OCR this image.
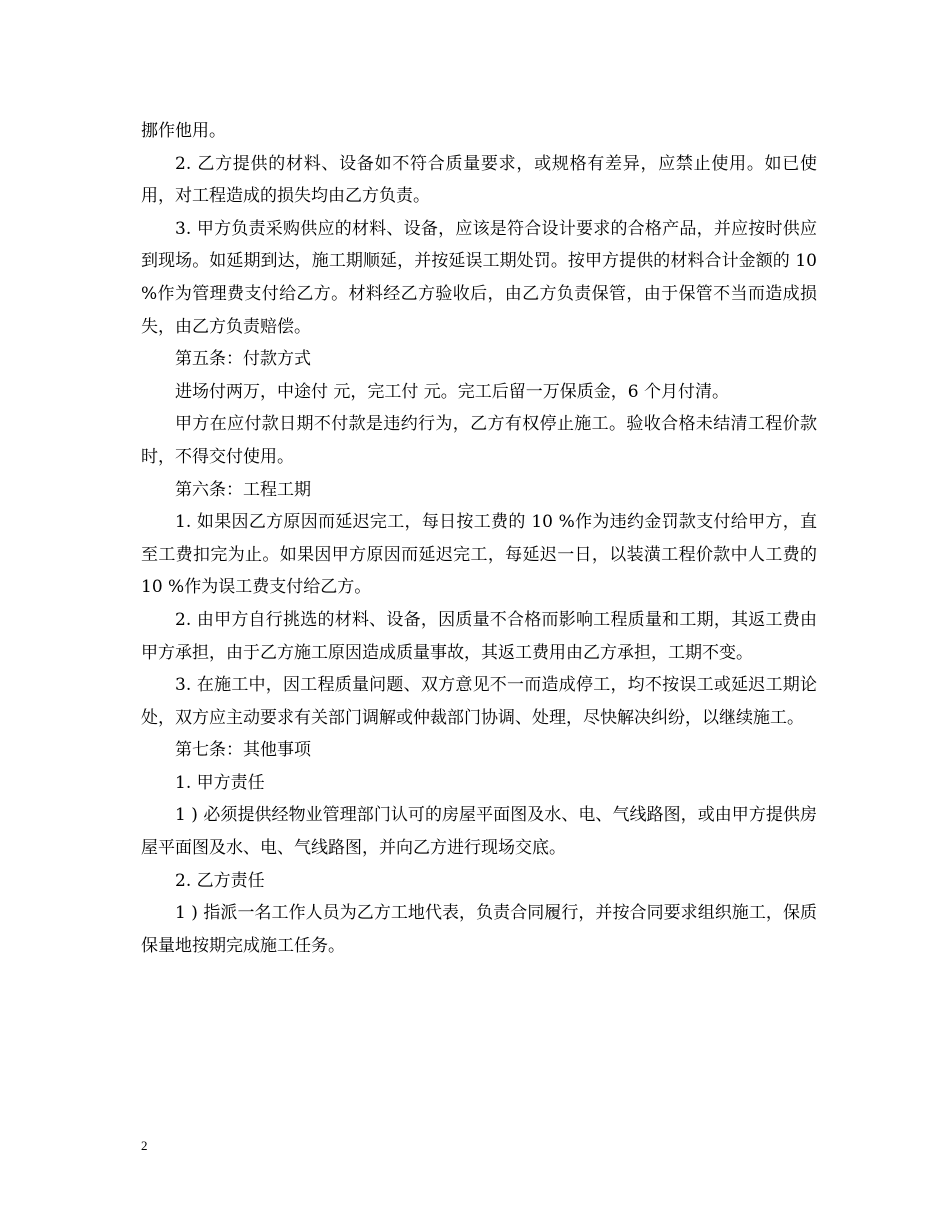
挪作他用。

2. 乙方提供的材料、设备如不符合质量要求，或规格有差异，应禁止使用。如已使用，对工程造成的损失均由乙方负责。

3. 甲方负责采购供应的材料、设备，应该是符合设计要求的合格产品，并应按时供应到现场。如延期到达，施工期顺延，并按延误工期处罚。按甲方提供的材料合计金额的 10 %作为管理费支付给乙方。材料经乙方验收后，由乙方负责保管，由于保管不当而造成损失，由乙方负责赔偿。

第五条：付款方式

进场付两万，中途付 元，完工付 元。完工后留一万保质金，6 个月付清。

甲方在应付款日期不付款是违约行为，乙方有权停止施工。验收合格未结清工程价款时，不得交付使用。

第六条：工程工期

1. 如果因乙方原因而延迟完工，每日按工费的 10 %作为违约金罚款支付给甲方，直至工费扣完为止。如果因甲方原因而延迟完工，每延迟一日，以装潢工程价款中人工费的 10 %作为误工费支付给乙方。

2. 由甲方自行挑选的材料、设备，因质量不合格而影响工程质量和工期，其返工费由甲方承担，由于乙方施工原因造成质量事故，其返工费用由乙方承担，工期不变。

3. 在施工中，因工程质量问题、双方意见不一而造成停工，均不按误工或延迟工期论处，双方应主动要求有关部门调解或仲裁部门协调、处理，尽快解决纠纷，以继续施工。

第七条：其他事项

1. 甲方责任

1 ) 必须提供经物业管理部门认可的房屋平面图及水、电、气线路图，或由甲方提供房屋平面图及水、电、气线路图，并向乙方进行现场交底。

2. 乙方责任

1 ) 指派一名工作人员为乙方工地代表，负责合同履行，并按合同要求组织施工，保质保量地按期完成施工任务。

2
